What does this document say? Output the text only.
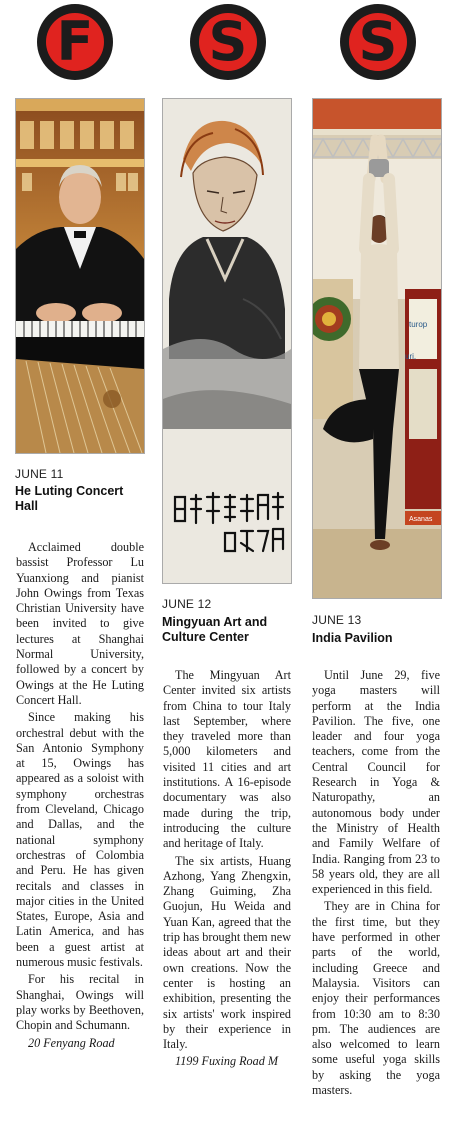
F S S
turop
uri,
Asanas
JUNE 11
He Luting Concert Hall

Acclaimed double bassist Professor Lu Yuanxiong and pianist John Owings from Texas Christian University have been invited to give lectures at Shanghai Normal University, followed by a concert by Owings at the He Luting Concert Hall.

Since making his orchestral debut with the San Antonio Symphony at 15, Owings has appeared as a soloist with symphony orchestras from Cleveland, Chicago and Dallas, and the national symphony orchestras of Colombia and Peru. He has given recitals and classes in major cities in the United States, Europe, Asia and Latin America, and has been a guest artist at numerous music festivals.

For his recital in Shanghai, Owings will play works by Beethoven, Chopin and Schumann.

20 Fenyang Road

JUNE 12
Mingyuan Art and Culture Center

The Mingyuan Art Center invited six artists from China to tour Italy last September, where they traveled more than 5,000 kilometers and visited 11 cities and art institutions. A 16-episode documentary was also made during the trip, introducing the culture and heritage of Italy.

The six artists, Huang Azhong, Yang Zhengxin, Zhang Guiming, Zha Guojun, Hu Weida and Yuan Kan, agreed that the trip has brought them new ideas about art and their own creations. Now the center is hosting an exhibition, presenting the six artists' work inspired by their experience in Italy.

1199 Fuxing Road M

JUNE 13
India Pavilion

Until June 29, five yoga masters will perform at the India Pavilion. The five, one leader and four yoga teachers, come from the Central Council for Research in Yoga & Naturopathy, an autonomous body under the Ministry of Health and Family Welfare of India. Ranging from 23 to 58 years old, they are all experienced in this field.

They are in China for the first time, but they have performed in other parts of the world, including Greece and Malaysia. Visitors can enjoy their performances from 10:30 am to 8:30 pm. The audiences are also welcomed to learn some useful yoga skills by asking the yoga masters.
